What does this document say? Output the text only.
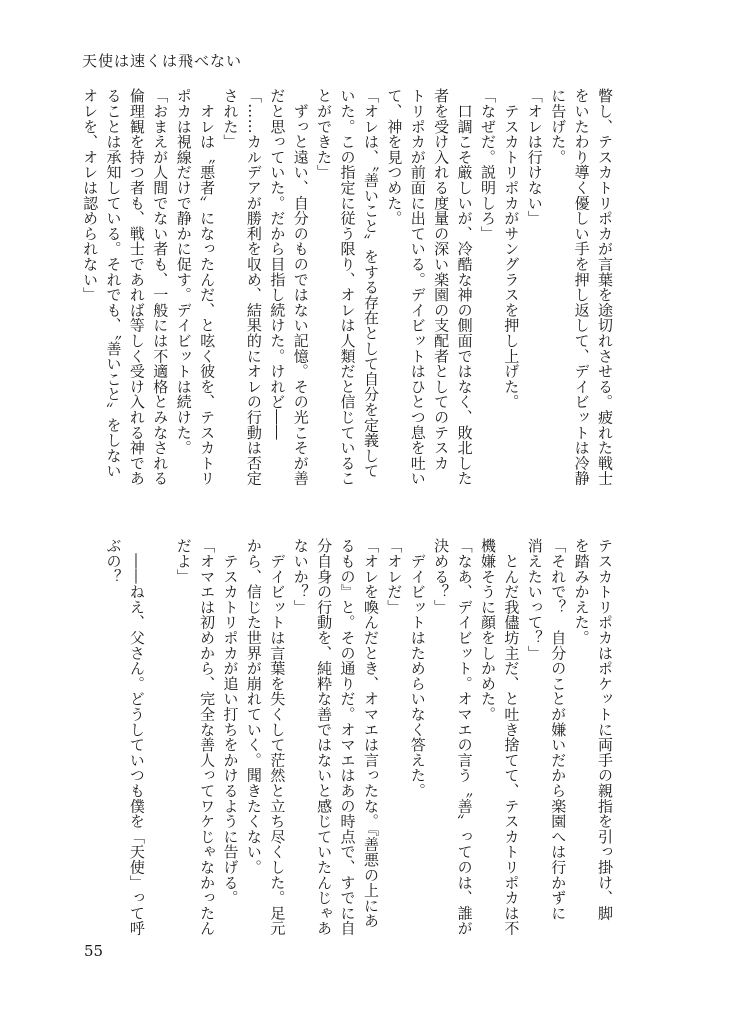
天使は速くは飛べない
瞥し、テスカトリポカが言葉を途切れさせる。疲れた戦士
をいたわり導く優しい手を押し返して、デイビットは冷静
に告げた。
「オレは行けない」
　テスカトリポカがサングラスを押し上げた。
「なぜだ。説明しろ」
　口調こそ厳しいが、冷酷な神の側面ではなく、敗北した
者を受け入れる度量の深い楽園の支配者としてのテスカ
トリポカが前面に出ている。デイビットはひとつ息を吐い
て、神を見つめた。
「オレは、〝善いこと〟をする存在として自分を定義して
いた。この指定に従う限り、オレは人類だと信じているこ
とができた」
　ずっと遠い、自分のものではない記憶。その光こそが善
だと思っていた。だから目指し続けた。けれど――
「……カルデアが勝利を収め、結果的にオレの行動は否定
された」
　オレは〝悪者〟になったんだ、と呟く彼を、テスカトリ
ポカは視線だけで静かに促す。デイビットは続けた。
「おまえが人間でない者も、一般には不適格とみなされる
倫理観を持つ者も、戦士であれば等しく受け入れる神であ
ることは承知している。それでも、〝善いこと〟をしない
オレを、オレは認められない」
テスカトリポカはポケットに両手の親指を引っ掛け、脚
を踏みかえた。
「それで？　自分のことが嫌いだから楽園へは行かずに
消えたいって？」
　とんだ我儘坊主だ、と吐き捨てて、テスカトリポカは不
機嫌そうに顔をしかめた。
「なあ、デイビット。オマエの言う〝善〟ってのは、誰が
決める？」
　デイビットはためらいなく答えた。
「オレだ」
「オレを喚んだとき、オマエは言ったな。『善悪の上にあ
るもの』と。その通りだ。オマエはあの時点で、すでに自
分自身の行動を、純粋な善ではないと感じていたんじゃあ
ないか？」
　デイビットは言葉を失くして茫然と立ち尽くした。足元
から、信じた世界が崩れていく。聞きたくない。
　テスカトリポカが追い打ちをかけるように告げる。
「オマエは初めから、完全な善人ってワケじゃなかったん
だよ」
　――ねえ、父さん。どうしていつも僕を「天使」って呼
ぶの？
55
